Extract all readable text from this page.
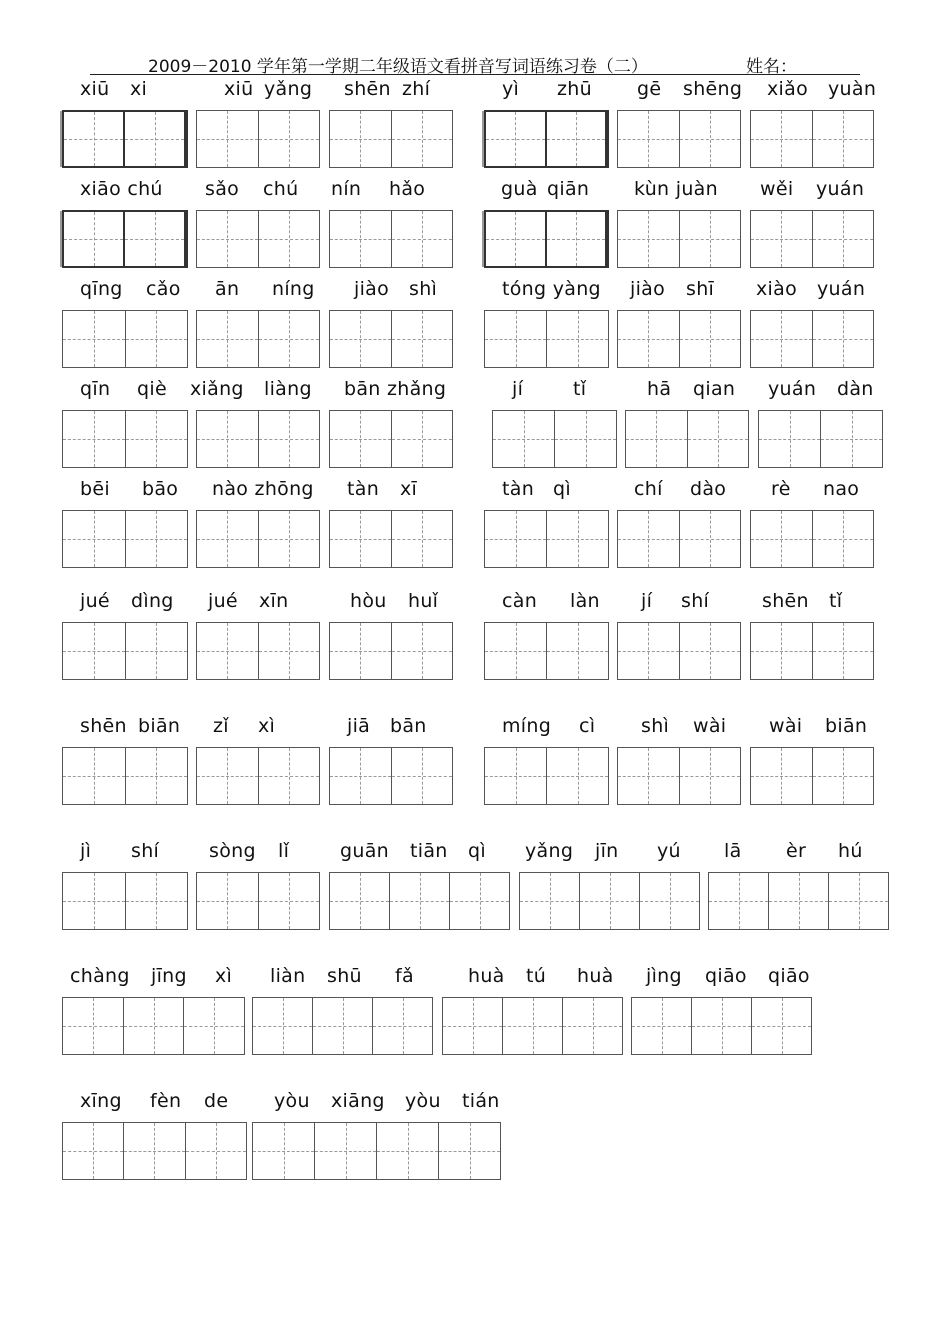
2009－2010 学年第一学期二年级语文看拼音写词语练习卷（二）	姓名：
xiū xi	xiū yǎng shēn zhí	yì zhū gē shēng xiǎo yuàn
xiāo chú sǎo chú nín hǎo	guà qiān kùn juàn wěi yuán
qīng cǎo ān níng jiào shì	tóng yàng jiào shī xiào yuán
qīn qiè xiǎng liàng bān zhǎng	jí	tǐ	hā qian yuán dàn
bēi bāo nào zhōng tàn xī	tàn qì	chí dào rè nao
jué dìng jué xīn	hòu huǐ	càn làn jí shí	shēn tǐ
shēn biān zǐ xì	jiā bān	míng cì shì wài wài biān
jì shí	sòng lǐ	guān tiān qì yǎng jīn yú lā èr hú
chàng jīng xì liàn shū fǎ	huà tú huà jìng qiāo qiāo
xīng fèn de yòu xiāng yòu tián
